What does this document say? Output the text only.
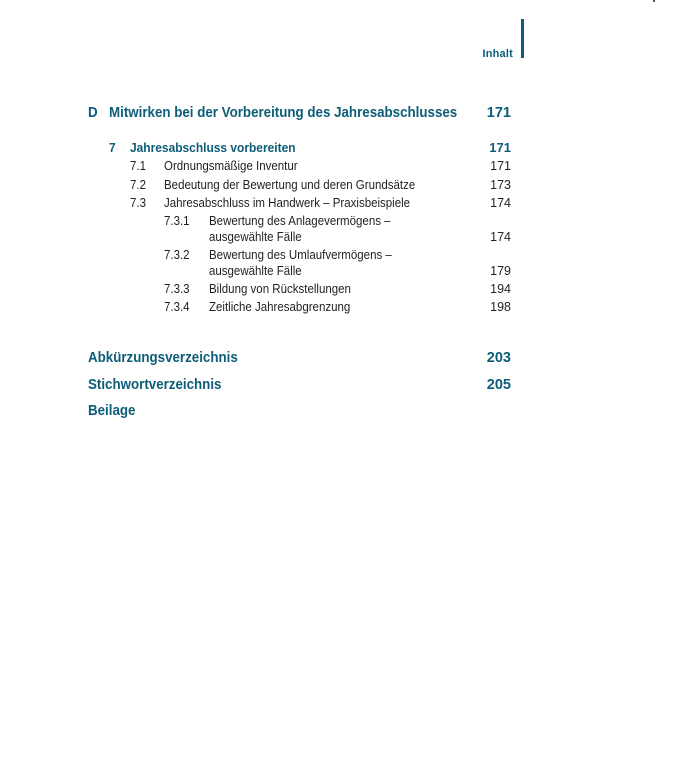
Inhalt
D Mitwirken bei der Vorbereitung des Jahresabschlusses 171
7 Jahresabschluss vorbereiten	171
7.1 Ordnungsmäßige Inventur	171
7.2 Bedeutung der Bewertung und deren Grundsätze	173
7.3 Jahresabschluss im Handwerk – Praxisbeispiele	174
7.3.1 Bewertung des Anlagevermögens –
ausgewählte Fälle	174
7.3.2 Bewertung des Umlaufvermögens –
ausgewählte Fälle	179
7.3.3 Bildung von Rückstellungen	194
7.3.4 Zeitliche Jahresabgrenzung	198
Abkürzungsverzeichnis	203
Stichwortverzeichnis	205
Beilage
